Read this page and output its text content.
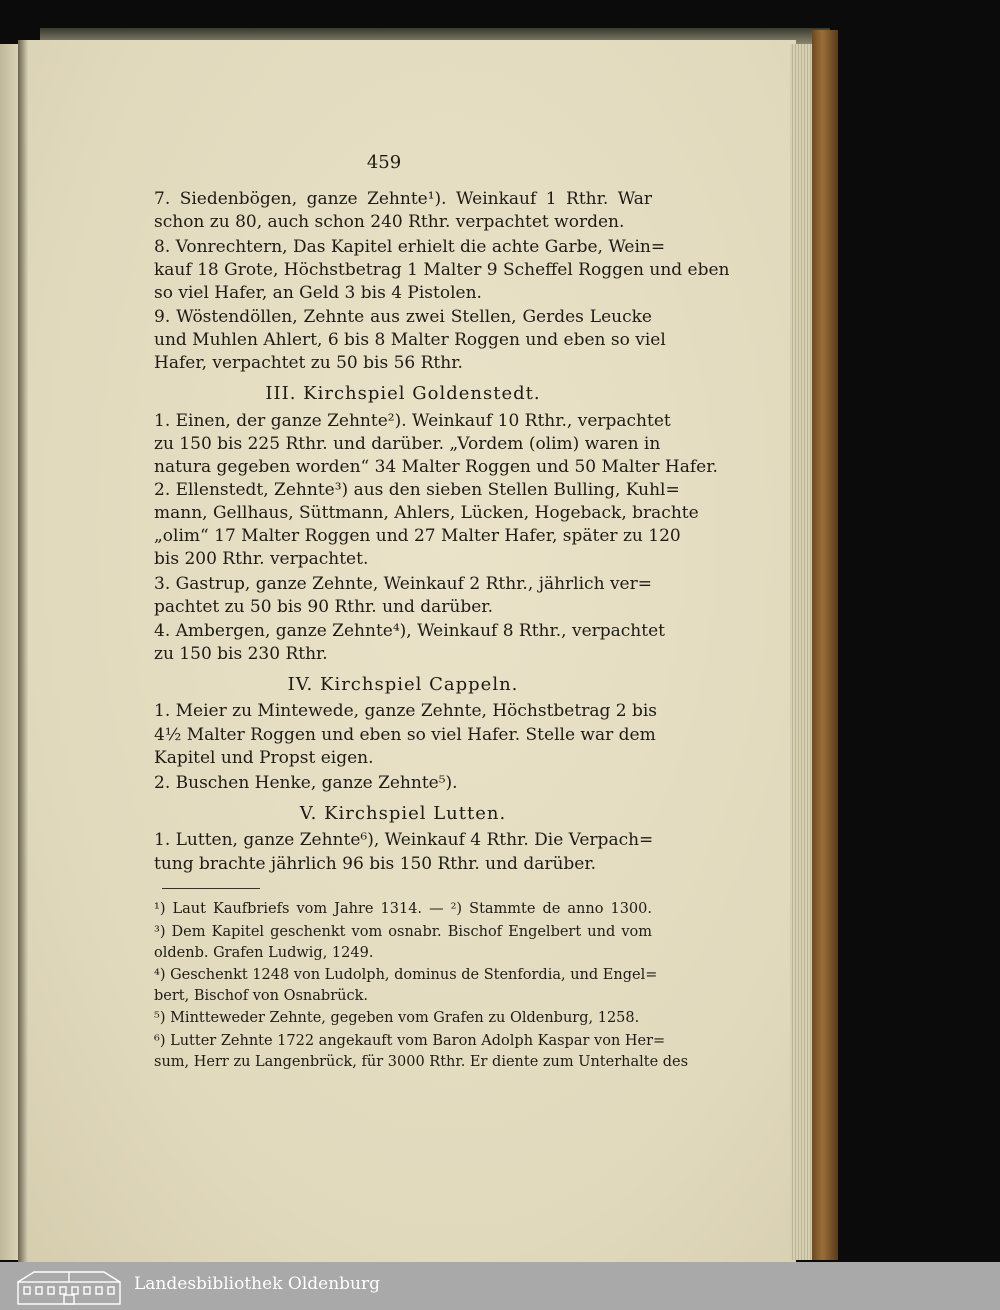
459
7. Siedenbögen, ganze Zehnte¹). Weinkauf 1 Rthr. War
schon zu 80, auch schon 240 Rthr. verpachtet worden.
8. Vonrechtern, Das Kapitel erhielt die achte Garbe, Wein=
kauf 18 Grote, Höchstbetrag 1 Malter 9 Scheffel Roggen und eben
so viel Hafer, an Geld 3 bis 4 Pistolen.
9. Wöstendöllen, Zehnte aus zwei Stellen, Gerdes Leucke
und Muhlen Ahlert, 6 bis 8 Malter Roggen und eben so viel
Hafer, verpachtet zu 50 bis 56 Rthr.
III. Kirchspiel Goldenstedt.
1. Einen, der ganze Zehnte²). Weinkauf 10 Rthr., verpachtet
zu 150 bis 225 Rthr. und darüber. „Vordem (olim) waren in
natura gegeben worden“ 34 Malter Roggen und 50 Malter Hafer.
2. Ellenstedt, Zehnte³) aus den sieben Stellen Bulling, Kuhl=
mann, Gellhaus, Süttmann, Ahlers, Lücken, Hogeback, brachte
„olim“ 17 Malter Roggen und 27 Malter Hafer, später zu 120
bis 200 Rthr. verpachtet.
3. Gastrup, ganze Zehnte, Weinkauf 2 Rthr., jährlich ver=
pachtet zu 50 bis 90 Rthr. und darüber.
4. Ambergen, ganze Zehnte⁴), Weinkauf 8 Rthr., verpachtet
zu 150 bis 230 Rthr.
IV. Kirchspiel Cappeln.
1. Meier zu Mintewede, ganze Zehnte, Höchstbetrag 2 bis
4½ Malter Roggen und eben so viel Hafer. Stelle war dem
Kapitel und Propst eigen.
2. Buschen Henke, ganze Zehnte⁵).
V. Kirchspiel Lutten.
1. Lutten, ganze Zehnte⁶), Weinkauf 4 Rthr. Die Verpach=
tung brachte jährlich 96 bis 150 Rthr. und darüber.
¹) Laut Kaufbriefs vom Jahre 1314. — ²) Stammte de anno 1300.
³) Dem Kapitel geschenkt vom osnabr. Bischof Engelbert und vom
oldenb. Grafen Ludwig, 1249.
⁴) Geschenkt 1248 von Ludolph, dominus de Stenfordia, und Engel=
bert, Bischof von Osnabrück.
⁵) Mintteweder Zehnte, gegeben vom Grafen zu Oldenburg, 1258.
⁶) Lutter Zehnte 1722 angekauft vom Baron Adolph Kaspar von Her=
sum, Herr zu Langenbrück, für 3000 Rthr. Er diente zum Unterhalte des
Landesbibliothek Oldenburg
